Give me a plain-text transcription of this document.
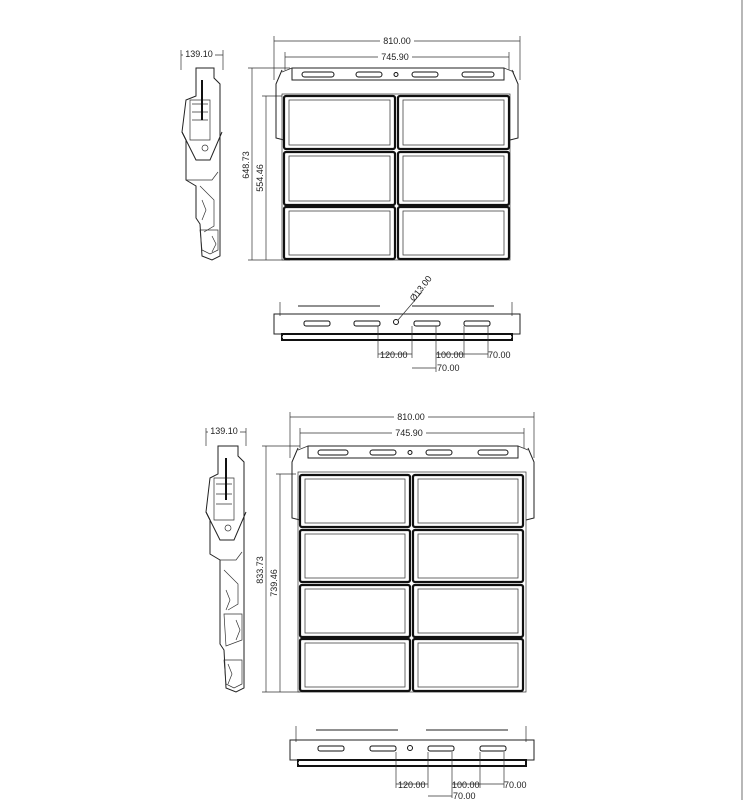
139.10
648.73 554.46
810.00
745.90
Ø13.00
120.00	100.00	70.00
70.00
139.10
833.73 739.46
810.00
745.90
120.00	100.00	70.00
70.00
